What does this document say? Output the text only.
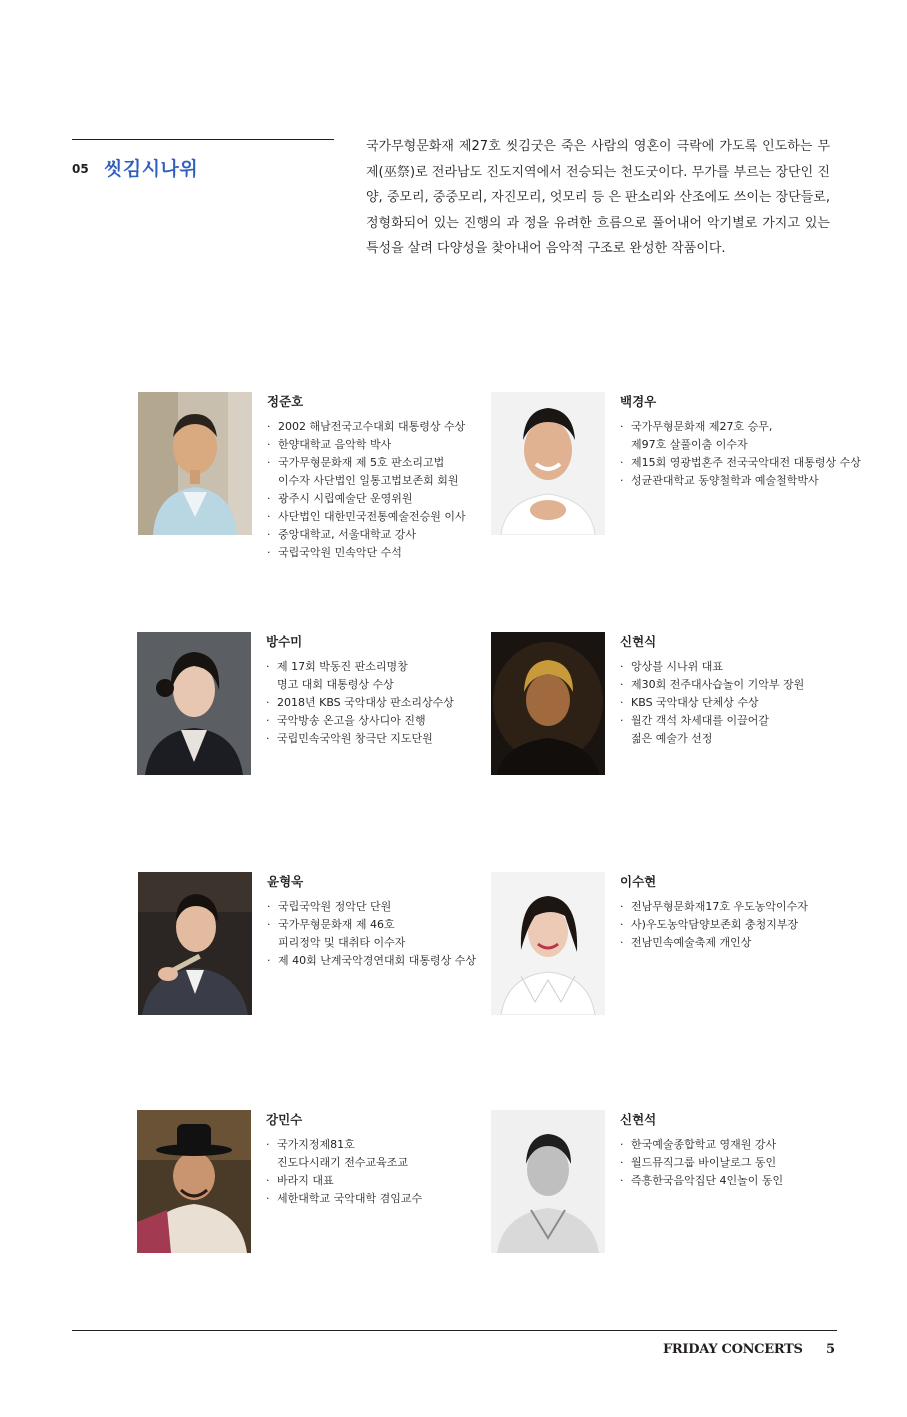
05 씻김시나위

국가무형문화재 제27호 씻김굿은 죽은 사람의 영혼이 극락에 가도록 인도하는 무제(巫祭)로 전라남도 진도지역에서 전승되는 천도굿이다. 무가를 부르는 장단인 진양, 중모리, 중중모리, 자진모리, 엇모리 등 은 판소리와 산조에도 쓰이는 장단들로, 정형화되어 있는 진행의 과 정을 유려한 흐름으로 풀어내어 악기별로 가지고 있는 특성을 살려 다양성을 찾아내어 음악적 구조로 완성한 작품이다.

정준호
· 2002 해남전국고수대회 대통령상 수상
· 한양대학교 음악학 박사
· 국가무형문화재 제 5호 판소리고법
이수자 사단법인 일통고법보존회 회원
· 광주시 시립예술단 운영위원
· 사단법인 대한민국전통예술전승원 이사
· 중앙대학교, 서울대학교 강사
· 국립국악원 민속악단 수석
백경우
· 국가무형문화재 제27호 승무,
제97호 살풀이춤 이수자
· 제15회 영광법혼주 전국국악대전 대통령상 수상
· 성균관대학교 동양철학과 예술철학박사
방수미
· 제 17회 박동진 판소리명창
명고 대회 대통령상 수상
· 2018년 KBS 국악대상 판소리상수상
· 국악방송 온고을 상사디아 진행
· 국립민속국악원 창극단 지도단원
신현식
· 앙상블 시나위 대표
· 제30회 전주대사습놀이 기악부 장원
· KBS 국악대상 단체상 수상
· 월간 객석 차세대를 이끌어갈
젊은 예술가 선정
윤형욱
· 국립국악원 정악단 단원
· 국가무형문화재 제 46호
피리정악 및 대취타 이수자
· 제 40회 난계국악경연대회 대통령상 수상
이수현
· 전남무형문화재17호 우도농악이수자
· 사)우도농악담양보존회 충청지부장
· 전남민속예술축제 개인상
강민수
· 국가지정제81호
진도다시래기 전수교육조교
· 바라지 대표
· 세한대학교 국악대학 겸임교수
신현석
· 한국예술종합학교 영재원 강사
· 월드뮤직그룹 바이날로그 동인
· 즉흥한국음악집단 4인놀이 동인
FRIDAY CONCERTS 5
